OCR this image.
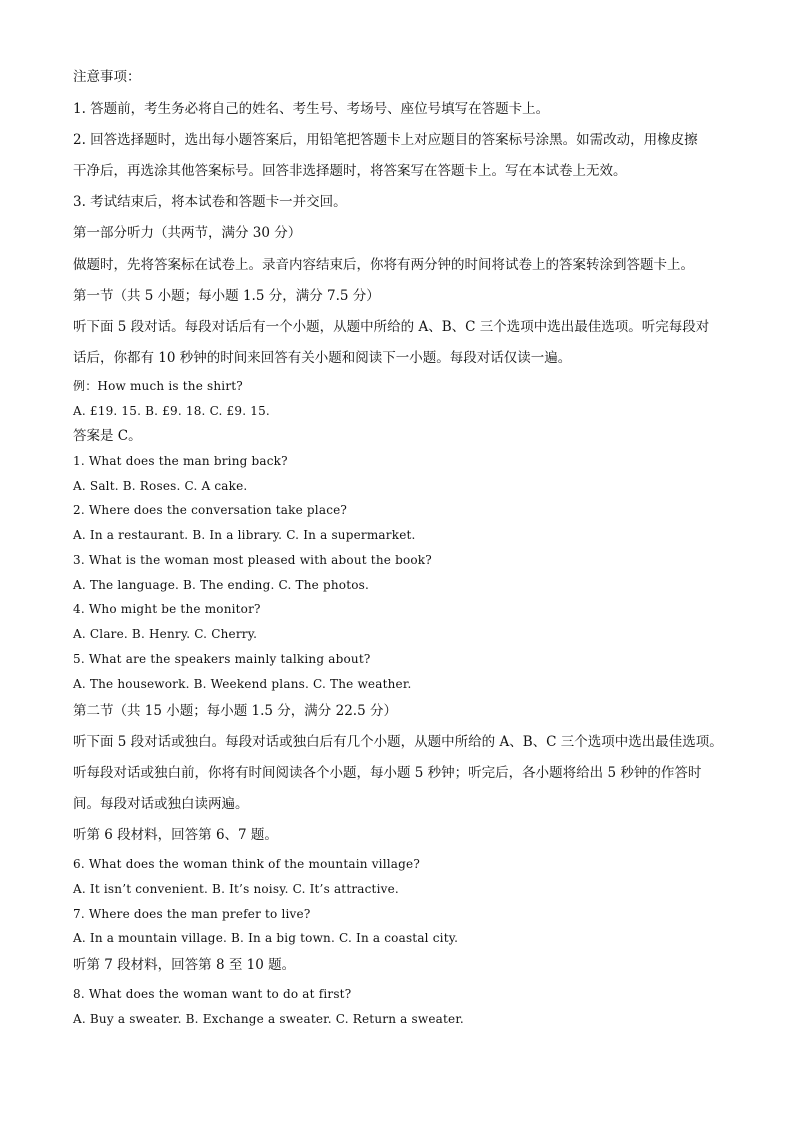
注意事项：
1. 答题前，考生务必将自己的姓名、考生号、考场号、座位号填写在答题卡上。
2. 回答选择题时，选出每小题答案后，用铅笔把答题卡上对应题目的答案标号涂黑。如需改动，用橡皮擦
干净后，再选涂其他答案标号。回答非选择题时，将答案写在答题卡上。写在本试卷上无效。
3. 考试结束后，将本试卷和答题卡一并交回。
第一部分听力（共两节，满分 30 分）
做题时，先将答案标在试卷上。录音内容结束后，你将有两分钟的时间将试卷上的答案转涂到答题卡上。
第一节（共 5 小题；每小题 1.5 分，满分 7.5 分）
听下面 5 段对话。每段对话后有一个小题，从题中所给的 A、B、C 三个选项中选出最佳选项。听完每段对
话后，你都有 10 秒钟的时间来回答有关小题和阅读下一小题。每段对话仅读一遍。
例：How much is the shirt?
A. £19. 15. B. £9. 18. C. £9. 15.
答案是 C。
1. What does the man bring back?
A. Salt. B. Roses. C. A cake.
2. Where does the conversation take place?
A. In a restaurant. B. In a library. C. In a supermarket.
3. What is the woman most pleased with about the book?
A. The language. B. The ending. C. The photos.
4. Who might be the monitor?
A. Clare. B. Henry. C. Cherry.
5. What are the speakers mainly talking about?
A. The housework. B. Weekend plans. C. The weather.
第二节（共 15 小题；每小题 1.5 分，满分 22.5 分）
听下面 5 段对话或独白。每段对话或独白后有几个小题，从题中所给的 A、B、C 三个选项中选出最佳选项。
听每段对话或独白前，你将有时间阅读各个小题，每小题 5 秒钟；听完后，各小题将给出 5 秒钟的作答时
间。每段对话或独白读两遍。
听第 6 段材料，回答第 6、7 题。
6. What does the woman think of the mountain village?
A. It isn’t convenient. B. It’s noisy. C. It’s attractive.
7. Where does the man prefer to live?
A. In a mountain village. B. In a big town. C. In a coastal city.
听第 7 段材料，回答第 8 至 10 题。
8. What does the woman want to do at first?
A. Buy a sweater. B. Exchange a sweater. C. Return a sweater.
